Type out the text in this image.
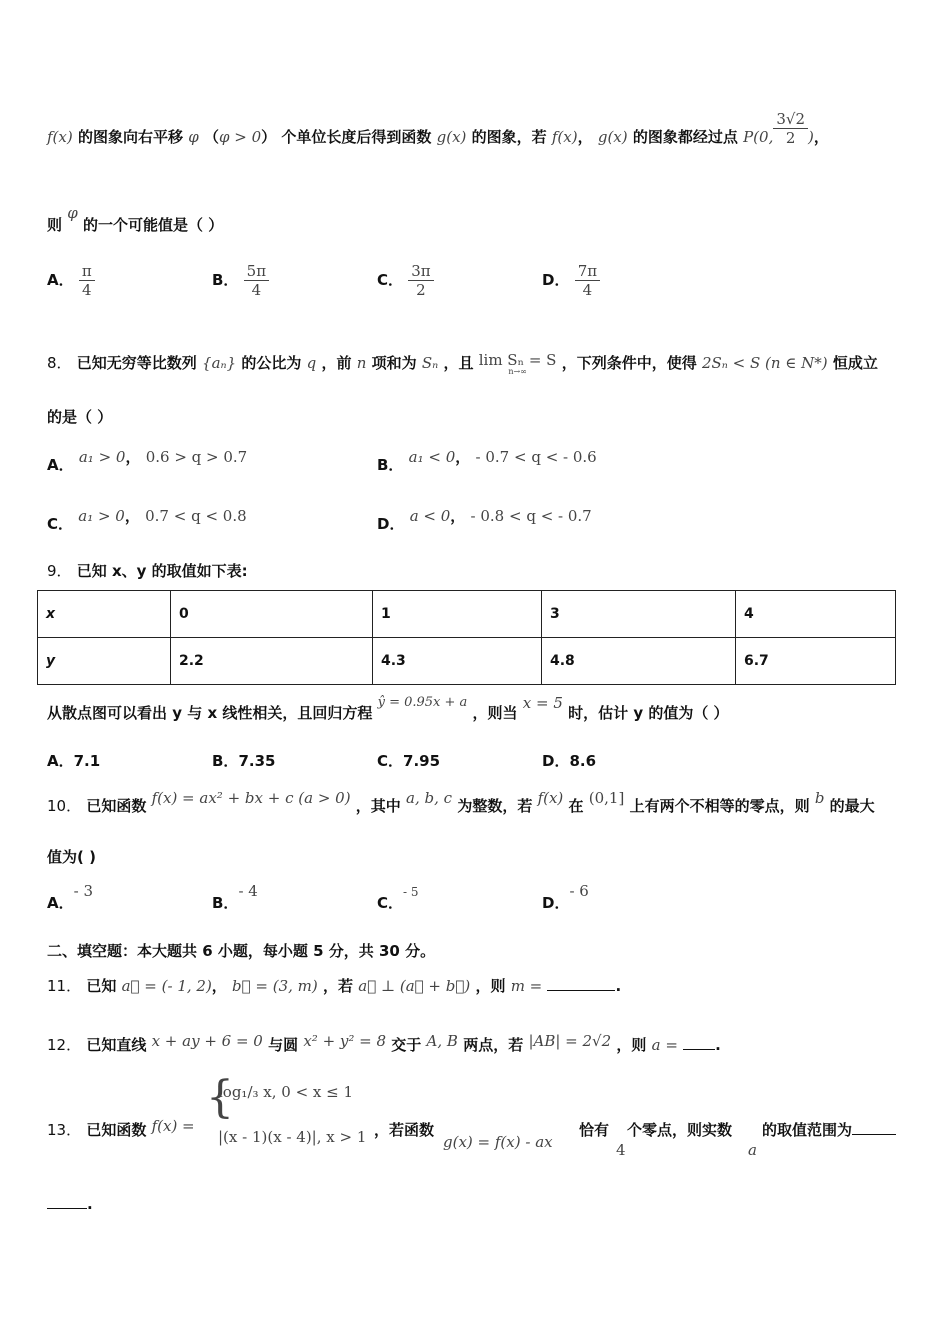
f(x) 的图象向右平移 φ （φ > 0） 个单位长度后得到函数 g(x) 的图象，若 f(x)， g(x) 的图象都经过点 P(0, $\frac{3√2}{2}$ )，
则 φ 的一个可能值是（ ）
A． $\frac{\pi}{4}$	B． $\frac{5\pi}{4}$	C． $\frac{3\pi}{2}$	D． $\frac{7\pi}{4}$
8． 已知无穷等比数列 {aₙ} 的公比为 q ，前 n 项和为 Sₙ ，且 lim Sₙ = S
n→∞	，下列条件中，使得 2Sₙ < S (n ∈ N*) 恒成立
的是（ ）
A． a₁ > 0， 0.6 > q > 0.7	B． a₁ < 0， - 0.7 < q < - 0.6
C． a₁ > 0， 0.7 < q < 0.8	D． a < 0， - 0.8 < q < - 0.7
9． 已知 x、y 的取值如下表:
x	0	1	3	4
y	2.2	4.3	4.8	6.7
从散点图可以看出 y 与 x 线性相关，且回归方程 ŷ = 0.95x + a ，则当 x = 5 时，估计 y 的值为（ ）
A．7.1	B．7.35	C．7.95	D．8.6
10． 已知函数 f(x) = ax² + bx + c (a > 0) ，其中 a, b, c 为整数，若 f(x) 在 (0,1] 上有两个不相等的零点，则 b 的最大
值为( )
A．- 3
B．- 4
C．- 5
D．- 6
二、填空题：本大题共 6 小题，每小题 5 分，共 30 分。
11． 已知 a⃗ = (- 1, 2)， b⃗ = (3, m) ，若 a⃗ ⊥ (a⃗ + b⃗) ，则 m =	.
12． 已知直线 x + ay + 6 = 0 与圆 x² + y² = 8 交于 A, B 两点，若 |AB| = 2√2 ，则 a = .
13． 已知函数 f(x) =
{
log₁/₃ x, 0 < x ≤ 1
|(x - 1)(x - 4)|, x > 1 ，若函数
g(x) = f(x) - ax
恰有
4
个零点，则实数
a
的取值范围为
.
